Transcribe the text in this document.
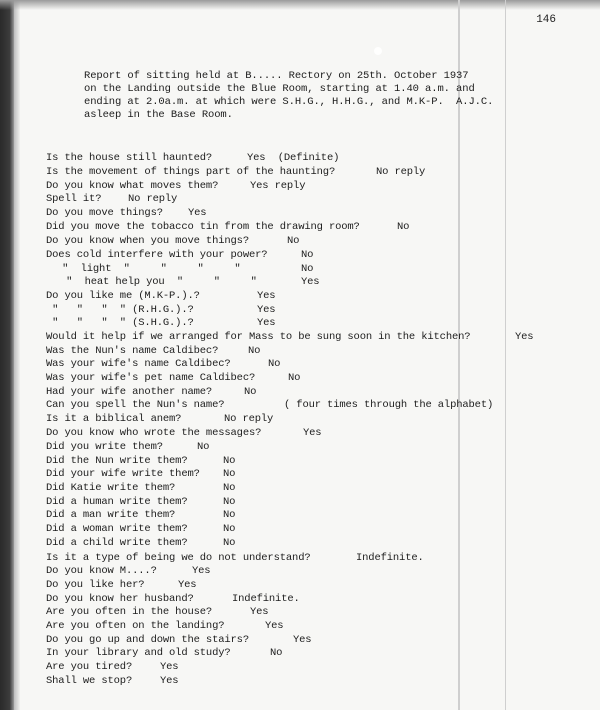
146
Report of sitting held at B..... Rectory on 25th. October 1937
on the Landing outside the Blue Room, starting at 1.40 a.m. and
ending at 2.0a.m. at which were S.H.G., H.H.G., and M.K-P.  A.J.C.
asleep in the Base Room.
Is the house still haunted?	Yes  (Definite)
Is the movement of things part of the haunting?	No reply
Do you know what moves them?	Yes reply
Spell it?	No reply
Do you move things? Yes
Did you move the tobacco tin from the drawing room?	No
Do you know when you move things?	No
Does cold interfere with your power?	No
"  light  "     "     "     "	No
"  heat help you  "     "     "	Yes
Do you like me (M.K-P.).?	Yes
"   "   "  " (R.H.G.).?	Yes
"   "   "  " (S.H.G.).?	Yes
Would it help if we arranged for Mass to be sung soon in the kitchen?	Yes
Was the Nun's name Caldibec?	No
Was your wife's name Caldibec?	No
Was your wife's pet name Caldibec?	No
Had your wife another name?	No
Can you spell the Nun's name?	( four times through the alphabet)
Is it a biblical anem?	No reply
Do you know who wrote the messages?	Yes
Did you write them?	No
Did the Nun write them?	No
Did your wife write them? No
Did Katie write them?	No
Did a human write them?	No
Did a man write them?	No
Did a woman write them?	No
Did a child write them?	No
Is it a type of being we do not understand?	Indefinite.
Do you know M....?	Yes
Do you like her?	Yes
Do you know her husband?	Indefinite.
Are you often in the house?	Yes
Are you often on the landing?	Yes
Do you go up and down the stairs?	Yes
In your library and old study?	No
Are you tired?	Yes
Shall we stop?	Yes
